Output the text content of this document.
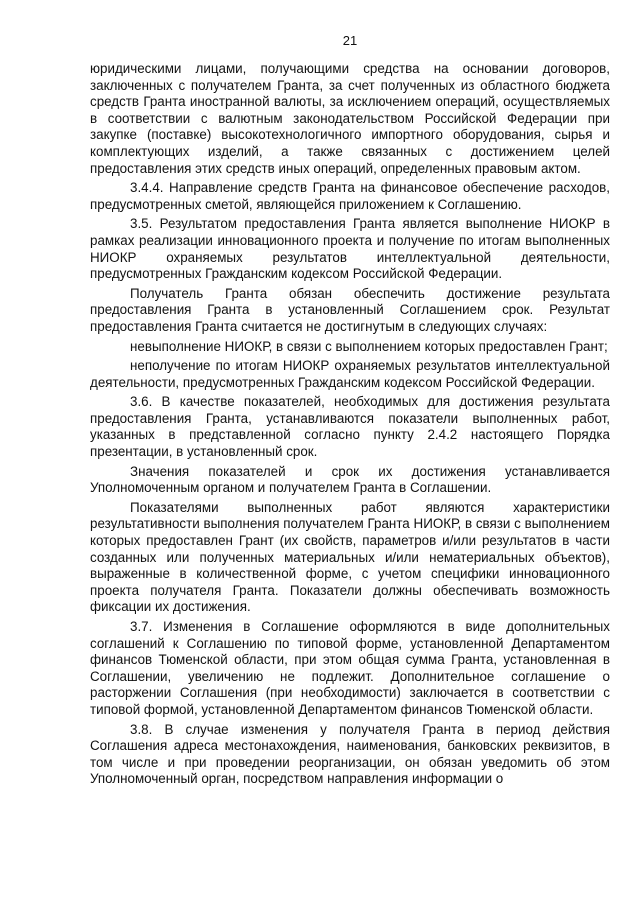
21

юридическими лицами, получающими средства на основании договоров, заключенных с получателем Гранта, за счет полученных из областного бюджета средств Гранта иностранной валюты, за исключением операций, осуществляемых в соответствии с валютным законодательством Российской Федерации при закупке (поставке) высокотехнологичного импортного оборудования, сырья и комплектующих изделий, а также связанных с достижением целей предоставления этих средств иных операций, определенных правовым актом.

3.4.4. Направление средств Гранта на финансовое обеспечение расходов, предусмотренных сметой, являющейся приложением к Соглашению.

3.5. Результатом предоставления Гранта является выполнение НИОКР в рамках реализации инновационного проекта и получение по итогам выполненных НИОКР охраняемых результатов интеллектуальной деятельности, предусмотренных Гражданским кодексом Российской Федерации.

Получатель Гранта обязан обеспечить достижение результата предоставления Гранта в установленный Соглашением срок. Результат предоставления Гранта считается не достигнутым в следующих случаях:

невыполнение НИОКР, в связи с выполнением которых предоставлен Грант;

неполучение по итогам НИОКР охраняемых результатов интеллектуальной деятельности, предусмотренных Гражданским кодексом Российской Федерации.

3.6. В качестве показателей, необходимых для достижения результата предоставления Гранта, устанавливаются показатели выполненных работ, указанных в представленной согласно пункту 2.4.2 настоящего Порядка презентации, в установленный срок.

Значения показателей и срок их достижения устанавливается Уполномоченным органом и получателем Гранта в Соглашении.

Показателями выполненных работ являются характеристики результативности выполнения получателем Гранта НИОКР, в связи с выполнением которых предоставлен Грант (их свойств, параметров и/или результатов в части созданных или полученных материальных и/или нематериальных объектов), выраженные в количественной форме, с учетом специфики инновационного проекта получателя Гранта. Показатели должны обеспечивать возможность фиксации их достижения.

3.7. Изменения в Соглашение оформляются в виде дополнительных соглашений к Соглашению по типовой форме, установленной Департаментом финансов Тюменской области, при этом общая сумма Гранта, установленная в Соглашении, увеличению не подлежит. Дополнительное соглашение о расторжении Соглашения (при необходимости) заключается в соответствии с типовой формой, установленной Департаментом финансов Тюменской области.

3.8. В случае изменения у получателя Гранта в период действия Соглашения адреса местонахождения, наименования, банковских реквизитов, в том числе и при проведении реорганизации, он обязан уведомить об этом Уполномоченный орган, посредством направления информации о
